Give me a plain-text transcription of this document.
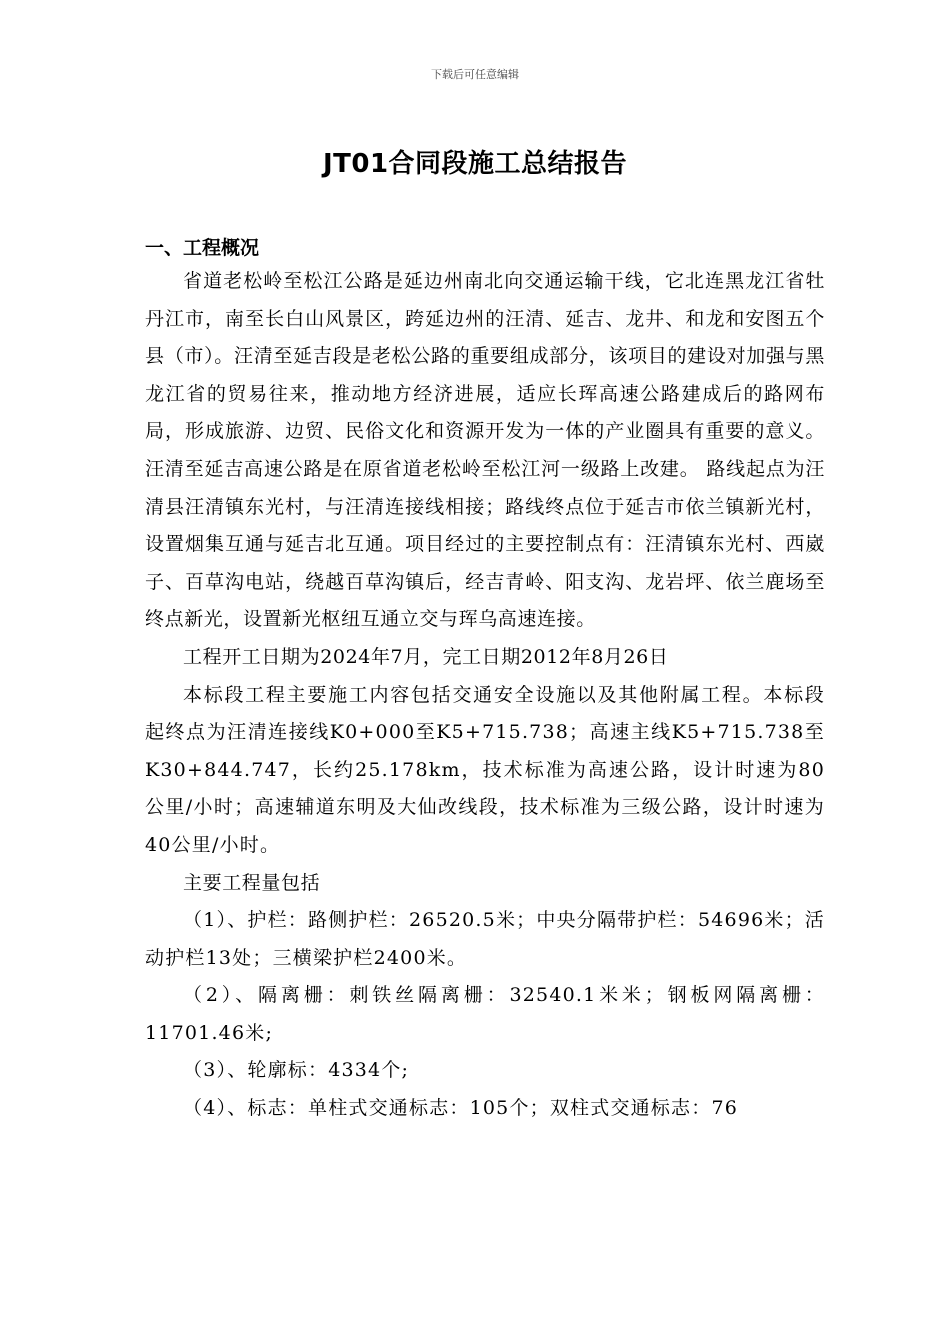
下载后可任意编辑
JT01合同段施工总结报告
一、工程概况

省道老松岭至松江公路是延边州南北向交通运输干线，它北连黑龙江省牡丹江市，南至长白山风景区，跨延边州的汪清、延吉、龙井、和龙和安图五个县（市）。汪清至延吉段是老松公路的重要组成部分，该项目的建设对加强与黑龙江省的贸易往来，推动地方经济进展，适应长珲高速公路建成后的路网布局，形成旅游、边贸、民俗文化和资源开发为一体的产业圈具有重要的意义。汪清至延吉高速公路是在原省道老松岭至松江河一级路上改建。 路线起点为汪清县汪清镇东光村，与汪清连接线相接；路线终点位于延吉市依兰镇新光村，设置烟集互通与延吉北互通。项目经过的主要控制点有：汪清镇东光村、西崴子、百草沟电站，绕越百草沟镇后，经吉青岭、阳支沟、龙岩坪、依兰鹿场至终点新光，设置新光枢纽互通立交与珲乌高速连接。

工程开工日期为2024年7月，完工日期2012年8月26日

本标段工程主要施工内容包括交通安全设施以及其他附属工程。本标段起终点为汪清连接线K0+000至K5+715.738；高速主线K5+715.738至K30+844.747，长约25.178km，技术标准为高速公路，设计时速为80公里/小时；高速辅道东明及大仙改线段，技术标准为三级公路，设计时速为40公里/小时。

主要工程量包括

（1）、护栏：路侧护栏：26520.5米；中央分隔带护栏：54696米；活动护栏13处；三横梁护栏2400米。

（2）、隔离栅：刺铁丝隔离栅：32540.1米米；钢板网隔离栅：11701.46米;

（3）、轮廓标：4334个;

（4）、标志：单柱式交通标志：105个；双柱式交通标志：76
